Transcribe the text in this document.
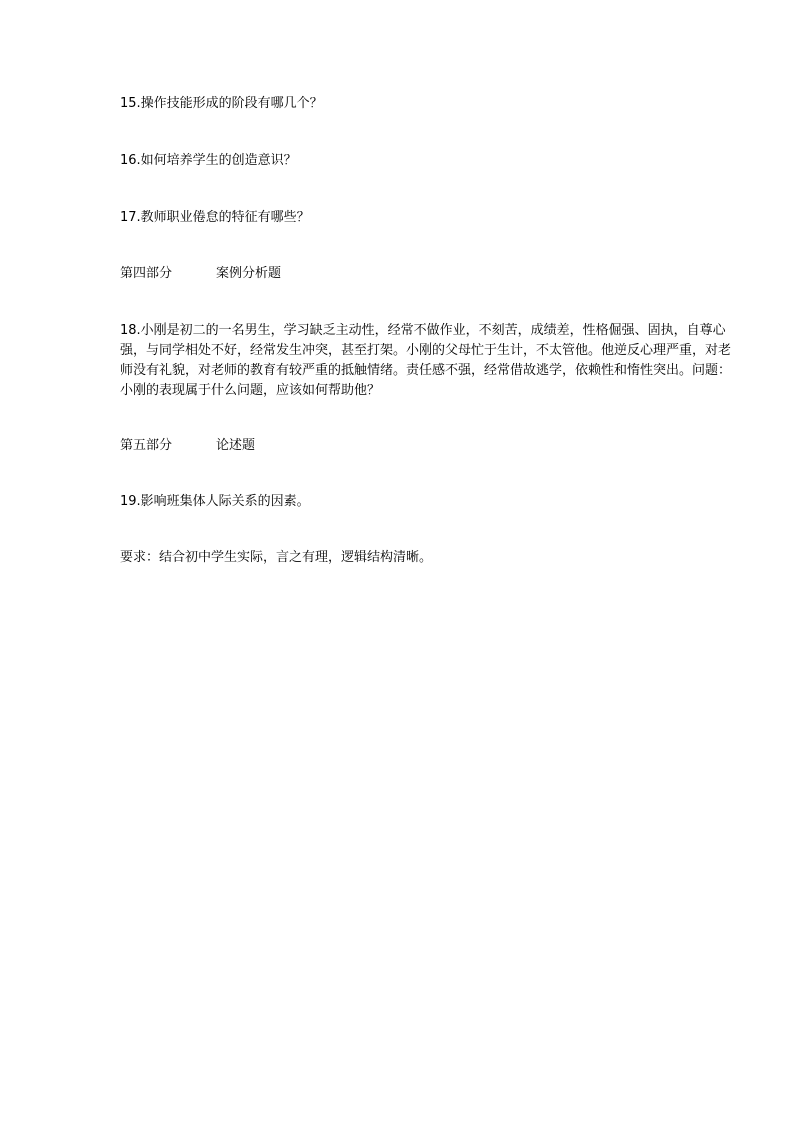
15.操作技能形成的阶段有哪几个？
16.如何培养学生的创造意识？
17.教师职业倦怠的特征有哪些？
第四部分	案例分析题
18.小刚是初二的一名男生，学习缺乏主动性，经常不做作业，不刻苦，成绩差，性格倔强、固执，自尊心强，与同学相处不好，经常发生冲突，甚至打架。小刚的父母忙于生计，不太管他。他逆反心理严重，对老师没有礼貌，对老师的教育有较严重的抵触情绪。责任感不强，经常借故逃学，依赖性和惰性突出。问题：小刚的表现属于什么问题，应该如何帮助他？
第五部分	论述题
19.影响班集体人际关系的因素。
要求：结合初中学生实际，言之有理，逻辑结构清晰。
